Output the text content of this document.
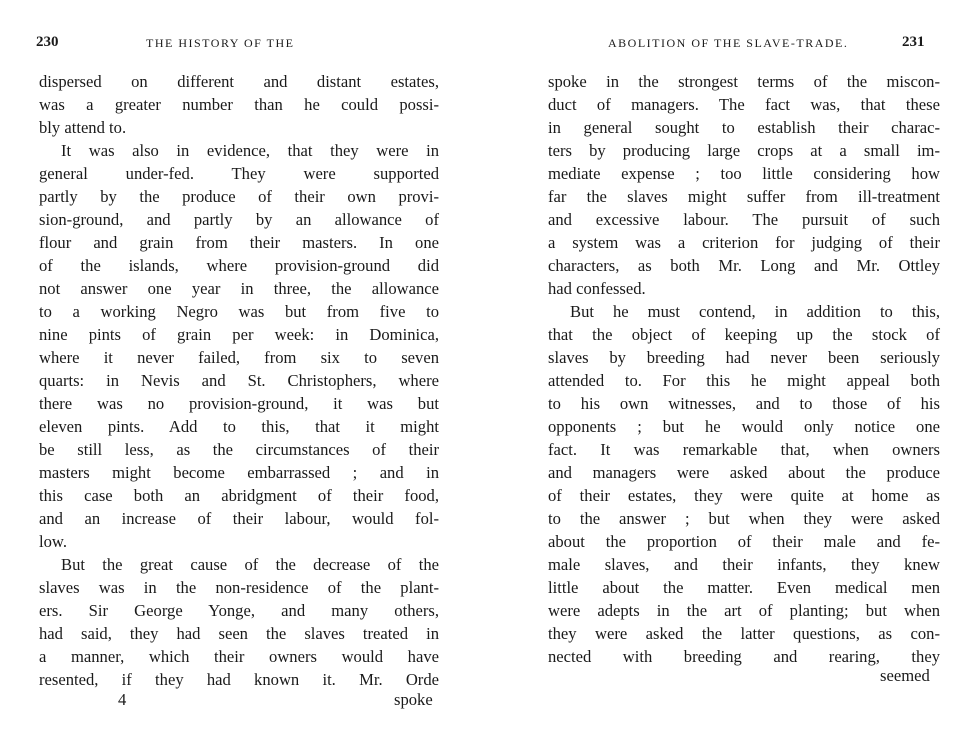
230	THE HISTORY OF THE
dispersed on different and distant estates,
was a greater number than he could possi-
bly attend to.
It was also in evidence, that they were in
general under-fed. They were supported
partly by the produce of their own provi-
sion-ground, and partly by an allowance of
flour and grain from their masters. In one
of the islands, where provision-ground did
not answer one year in three, the allowance
to a working Negro was but from five to
nine pints of grain per week: in Dominica,
where it never failed, from six to seven
quarts: in Nevis and St. Christophers, where
there was no provision-ground, it was but
eleven pints. Add to this, that it might
be still less, as the circumstances of their
masters might become embarrassed ; and in
this case both an abridgment of their food,
and an increase of their labour, would fol-
low.
But the great cause of the decrease of the
slaves was in the non-residence of the plant-
ers. Sir George Yonge, and many others,
had said, they had seen the slaves treated in
a manner, which their owners would have
resented, if they had known it. Mr. Orde
4	spoke
ABOLITION OF THE SLAVE-TRADE.	231
spoke in the strongest terms of the miscon-
duct of managers. The fact was, that these
in general sought to establish their charac-
ters by producing large crops at a small im-
mediate expense ; too little considering how
far the slaves might suffer from ill-treatment
and excessive labour. The pursuit of such
a system was a criterion for judging of their
characters, as both Mr. Long and Mr. Ottley
had confessed.
But he must contend, in addition to this,
that the object of keeping up the stock of
slaves by breeding had never been seriously
attended to. For this he might appeal both
to his own witnesses, and to those of his
opponents ; but he would only notice one
fact. It was remarkable that, when owners
and managers were asked about the produce
of their estates, they were quite at home as
to the answer ; but when they were asked
about the proportion of their male and fe-
male slaves, and their infants, they knew
little about the matter. Even medical men
were adepts in the art of planting; but when
they were asked the latter questions, as con-
nected with breeding and rearing, they
seemed
